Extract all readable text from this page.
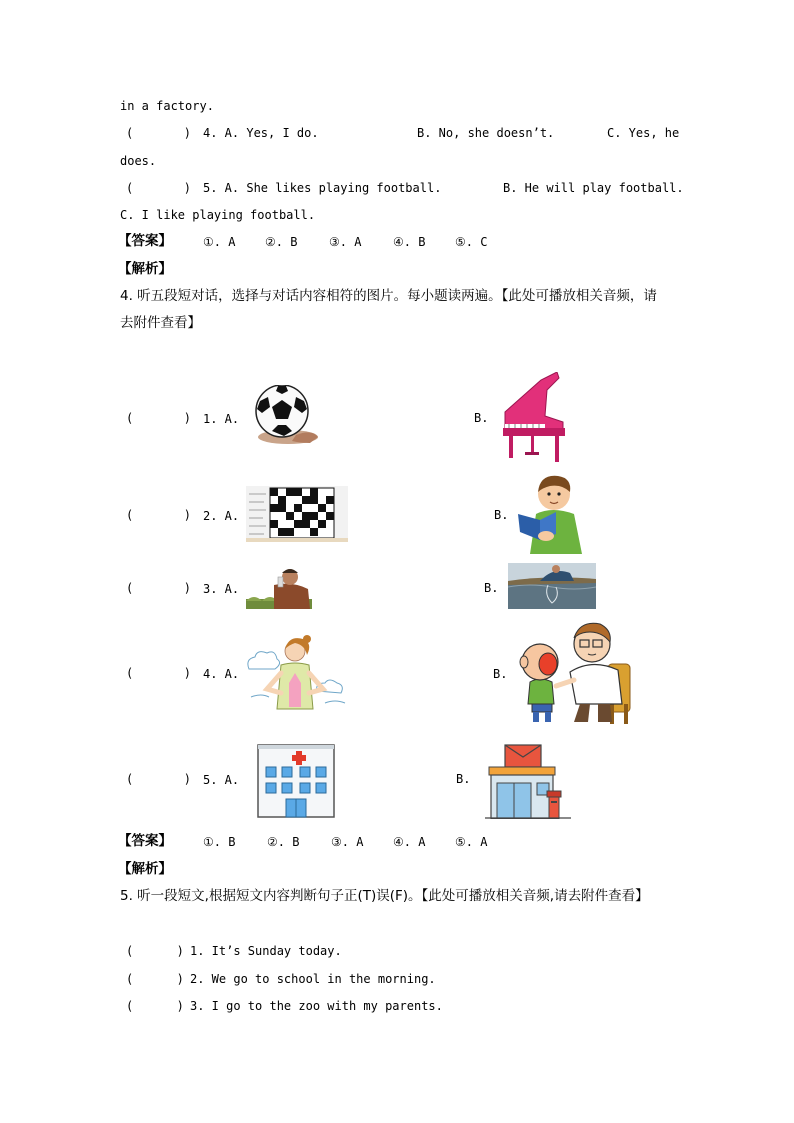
in a factory.
(       ) 4. A. Yes, I do.	B. No, she doesn’t.	C. Yes, he
does.
(       ) 5. A. She likes playing football.	B. He will play football.
C. I like playing football.
【答案】	①. A ②. B	③. A	④. B ⑤. C
【解析】
4. 听五段短对话，选择与对话内容相符的图片。每小题读两遍。【此处可播放相关音频，请
去附件查看】
(       ) 1. A.	B.
(       ) 2. A.	B.
(       ) 3. A.	B.
(       ) 4. A.	B.
(       ) 5. A.	B.
【答案】	①. B	②. B	③. A ④. A ⑤. A
【解析】
5. 听一段短文,根据短文内容判断句子正(T)误(F)。【此处可播放相关音频,请去附件查看】
(      ) 1. It’s Sunday today.
(      ) 2. We go to school in the morning.
(      ) 3. I go to the zoo with my parents.
